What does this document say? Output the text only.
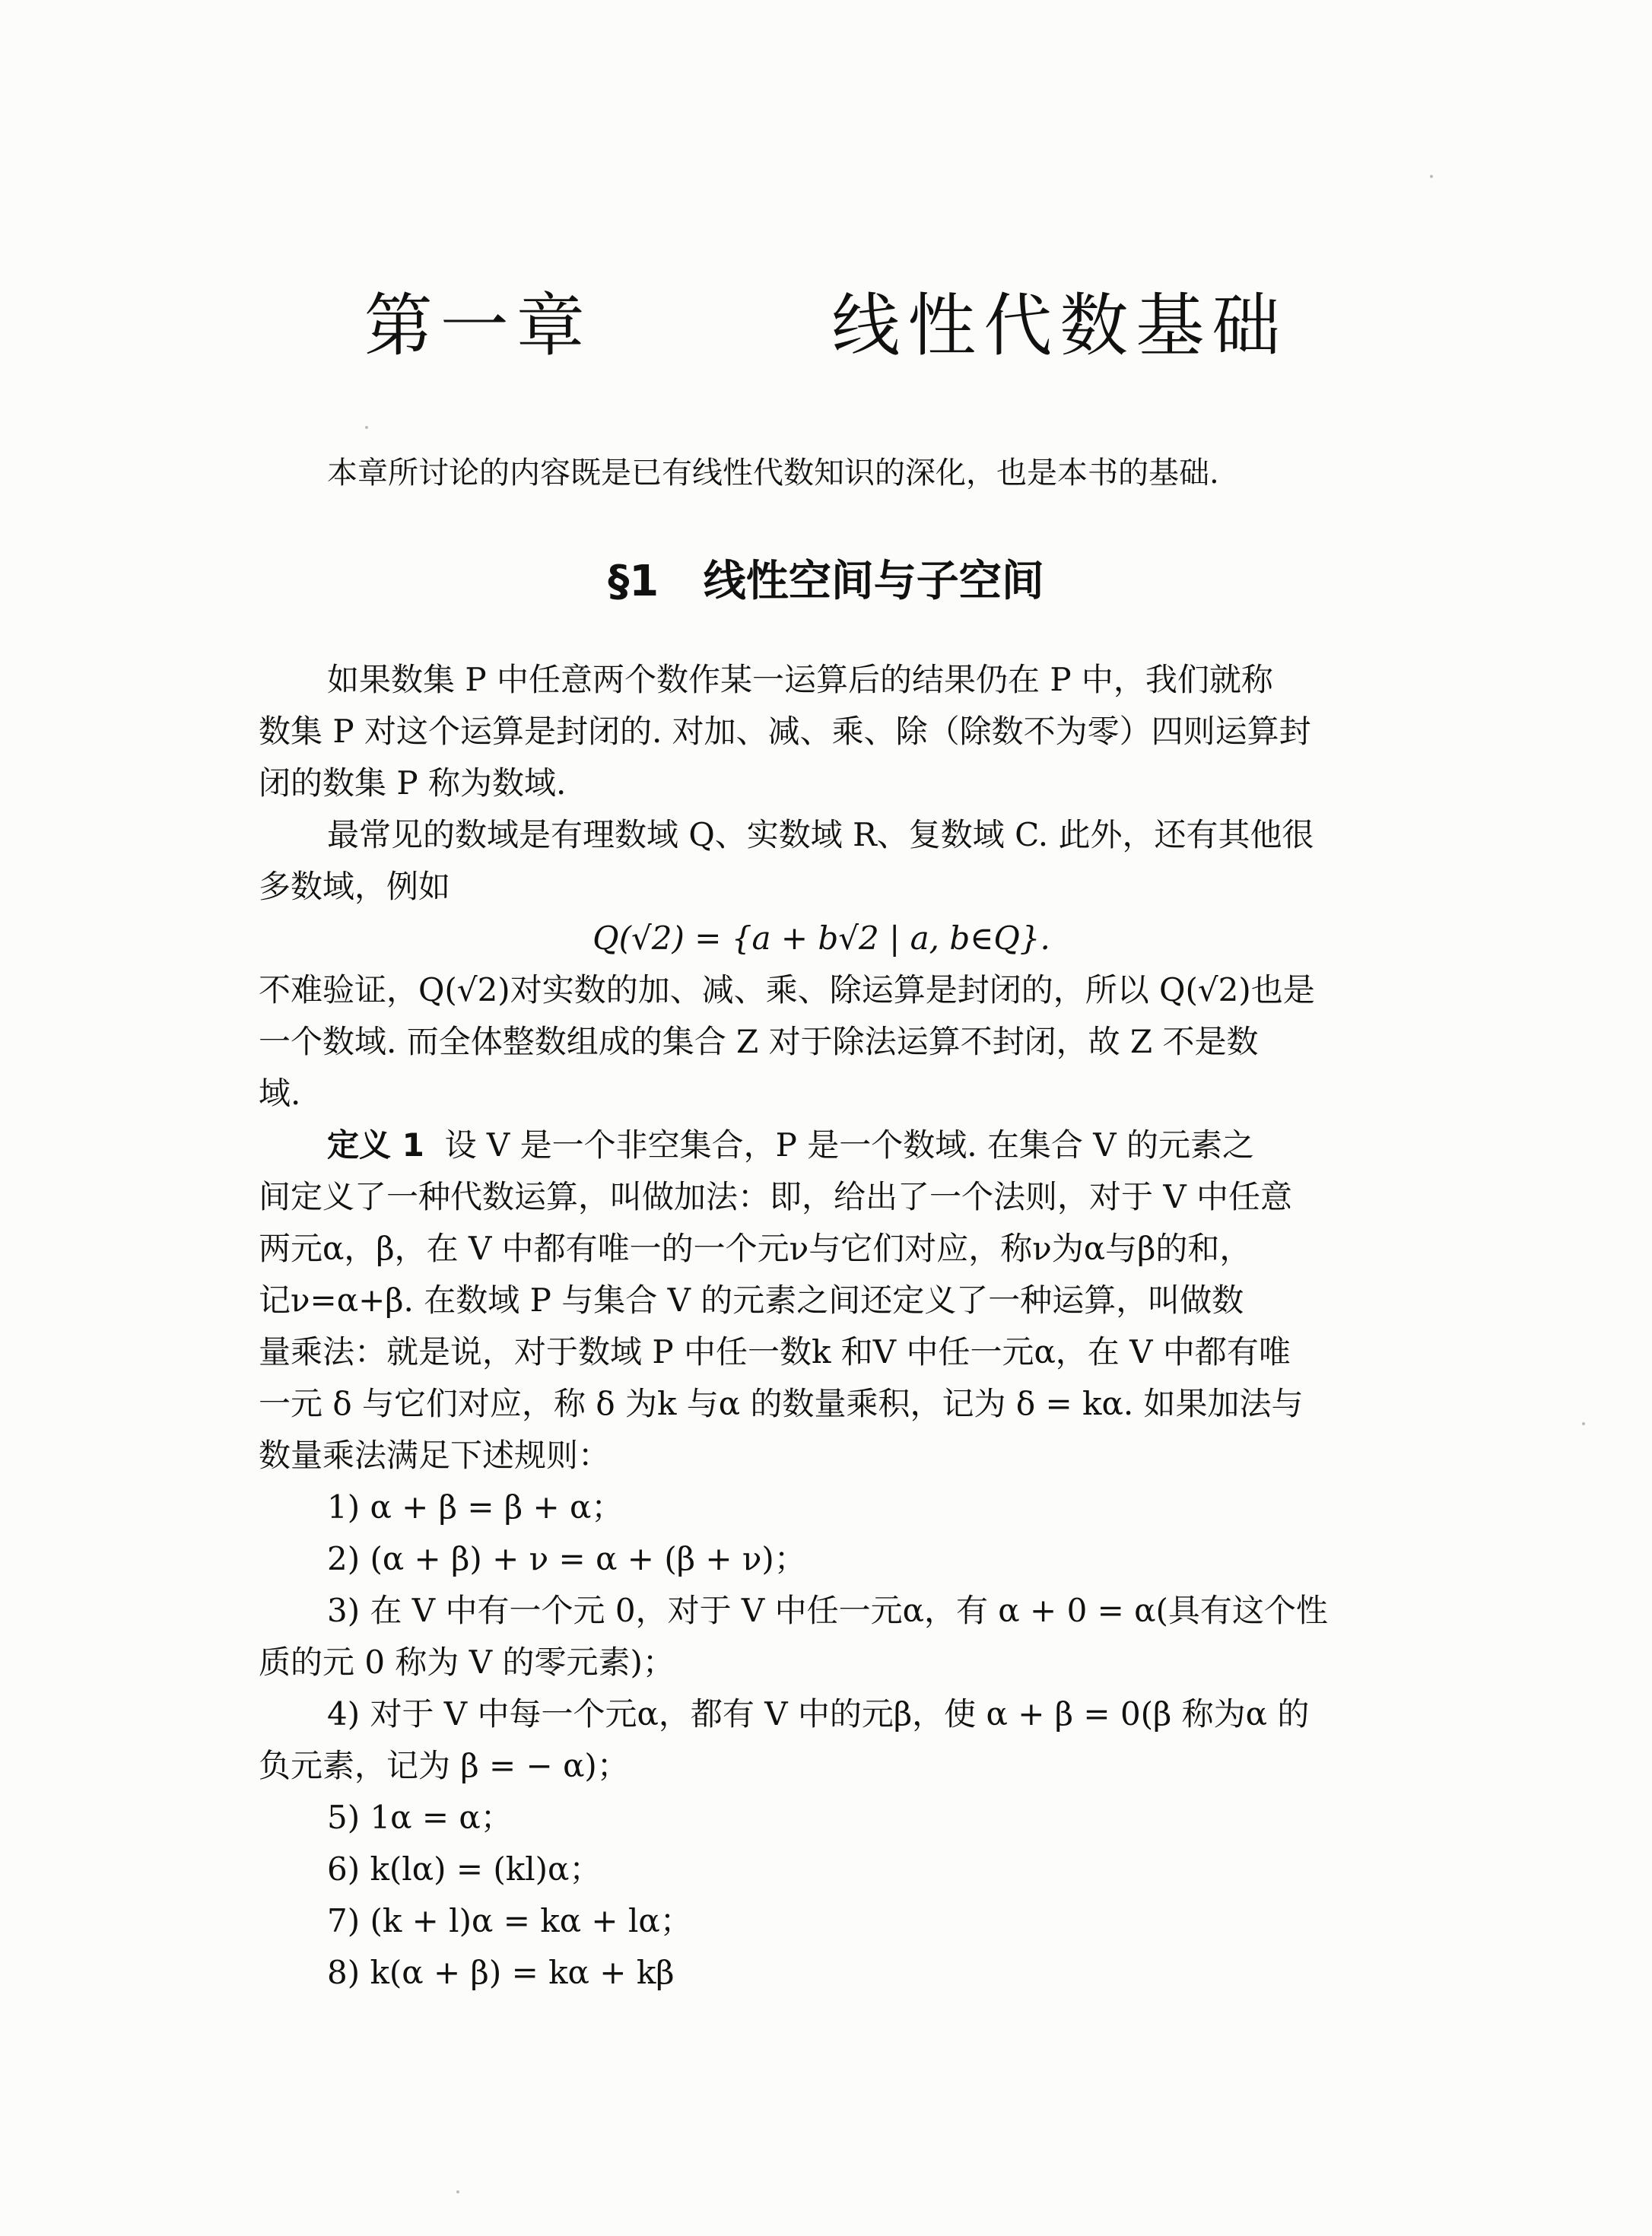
第一章    线性代数基础

本章所讨论的内容既是已有线性代数知识的深化，也是本书的基础.

§1   线性空间与子空间
如果数集 P 中任意两个数作某一运算后的结果仍在 P 中，我们就称
数集 P 对这个运算是封闭的. 对加、减、乘、除（除数不为零）四则运算封
闭的数集 P 称为数域.
最常见的数域是有理数域 Q、实数域 R、复数域 C. 此外，还有其他很
多数域，例如
Q(√2) = {a + b√2 | a, b∈Q}.
不难验证，Q(√2)对实数的加、减、乘、除运算是封闭的，所以 Q(√2)也是
一个数域. 而全体整数组成的集合 Z 对于除法运算不封闭，故 Z 不是数
域.
定义 1 设 V 是一个非空集合，P 是一个数域. 在集合 V 的元素之
间定义了一种代数运算，叫做加法：即，给出了一个法则，对于 V 中任意
两元α，β，在 V 中都有唯一的一个元ν与它们对应，称ν为α与β的和，
记ν=α+β. 在数域 P 与集合 V 的元素之间还定义了一种运算，叫做数
量乘法：就是说，对于数域 P 中任一数k 和V 中任一元α，在 V 中都有唯
一元 δ 与它们对应，称 δ 为k 与α 的数量乘积，记为 δ = kα. 如果加法与
数量乘法满足下述规则：
1) α + β = β + α；
2) (α + β) + ν = α + (β + ν)；
3) 在 V 中有一个元 0，对于 V 中任一元α，有 α + 0 = α(具有这个性
质的元 0 称为 V 的零元素)；
4) 对于 V 中每一个元α，都有 V 中的元β，使 α + β = 0(β 称为α 的
负元素，记为 β = − α)；
5) 1α = α；
6) k(lα) = (kl)α；
7) (k + l)α = kα + lα；
8) k(α + β) = kα + kβ
